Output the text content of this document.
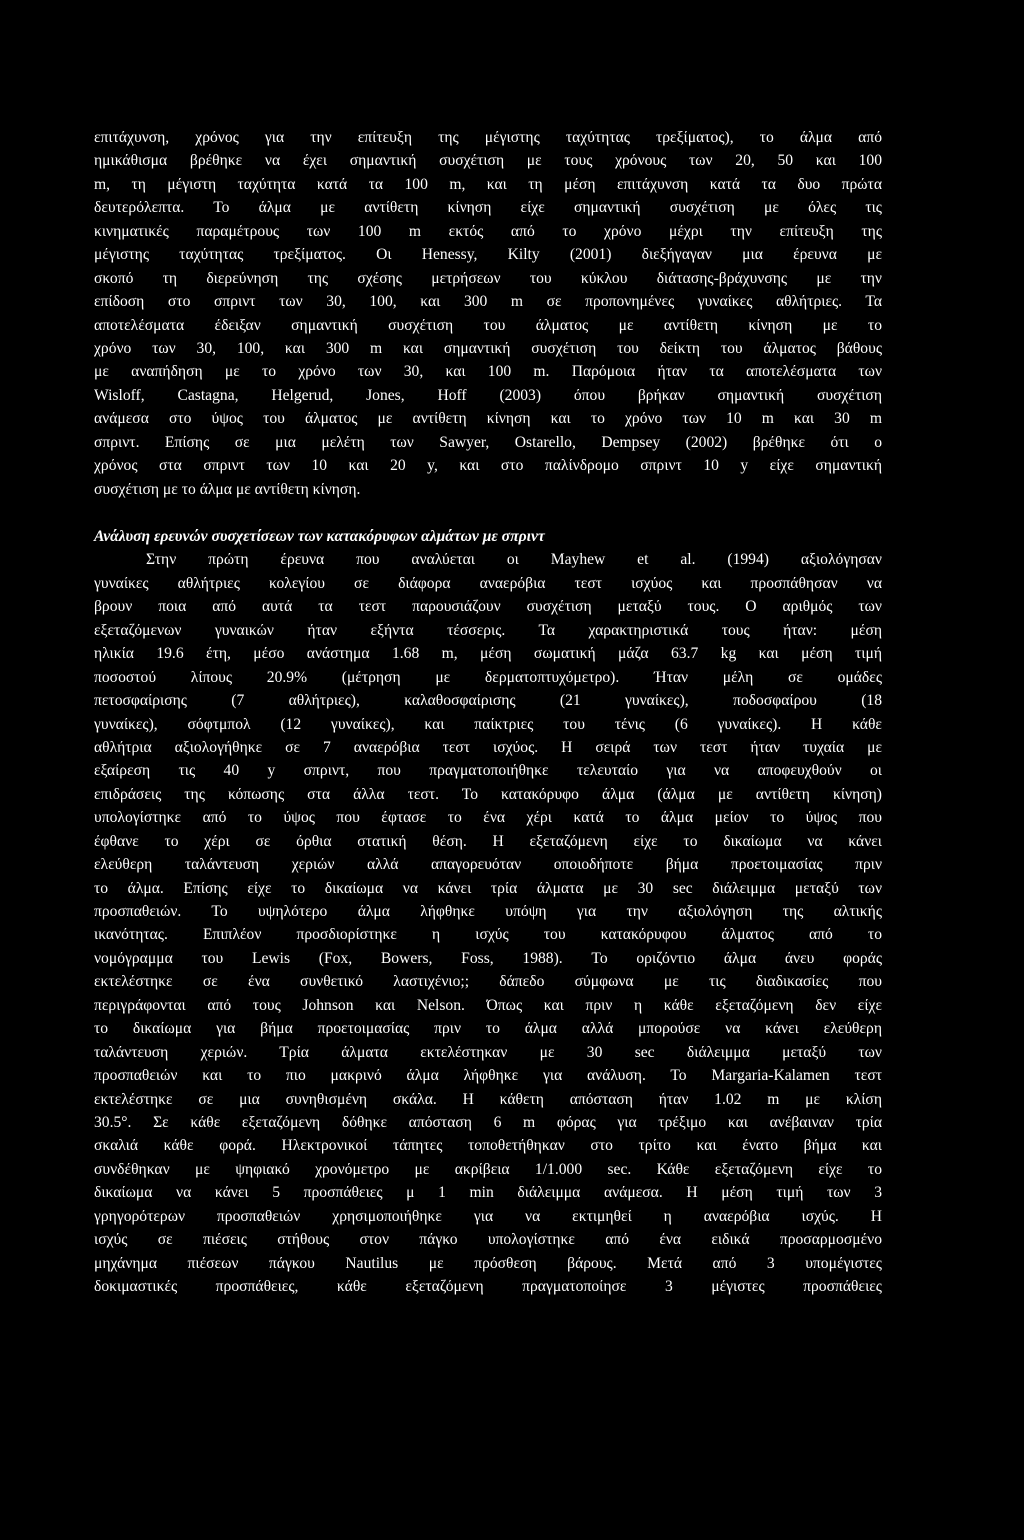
επιτάχυνση, χρόνος για την επίτευξη της μέγιστης ταχύτητας τρεξίματος), το άλμα από
ημικάθισμα βρέθηκε να έχει σημαντική συσχέτιση με τους χρόνους των 20, 50 και 100
m, τη μέγιστη ταχύτητα κατά τα 100 m, και τη μέση επιτάχυνση κατά τα δυο πρώτα
δευτερόλεπτα. Το άλμα με αντίθετη κίνηση είχε σημαντική συσχέτιση με όλες τις
κινηματικές παραμέτρους των 100 m εκτός από το χρόνο μέχρι την επίτευξη της
μέγιστης ταχύτητας τρεξίματος. Οι Henessy, Kilty (2001) διεξήγαγαν μια έρευνα με
σκοπό τη διερεύνηση της σχέσης μετρήσεων του κύκλου διάτασης-βράχυνσης με την
επίδοση στο σπριντ των 30, 100, και 300 m σε προπονημένες γυναίκες αθλήτριες. Τα
αποτελέσματα έδειξαν σημαντική συσχέτιση του άλματος με αντίθετη κίνηση με το
χρόνο των 30, 100, και 300 m και σημαντική συσχέτιση του δείκτη του άλματος βάθους
με αναπήδηση με το χρόνο των 30, και 100 m. Παρόμοια ήταν τα αποτελέσματα των
Wisloff, Castagna, Helgerud, Jones, Hoff (2003) όπου βρήκαν σημαντική συσχέτιση
ανάμεσα στο ύψος του άλματος με αντίθετη κίνηση και το χρόνο των 10 m και 30 m
σπριντ. Επίσης σε μια μελέτη των Sawyer, Ostarello, Dempsey (2002) βρέθηκε ότι ο
χρόνος στα σπριντ των 10 και 20 y, και στο παλίνδρομο σπριντ 10 y είχε σημαντική
συσχέτιση με το άλμα με αντίθετη κίνηση.
Ανάλυση ερευνών συσχετίσεων των κατακόρυφων αλμάτων με σπριντ
Στην πρώτη έρευνα που αναλύεται οι Mayhew et al. (1994) αξιολόγησαν
γυναίκες αθλήτριες κολεγίου σε διάφορα αναερόβια τεστ ισχύος και προσπάθησαν να
βρουν ποια από αυτά τα τεστ παρουσιάζουν συσχέτιση μεταξύ τους. Ο αριθμός των
εξεταζόμενων γυναικών ήταν εξήντα τέσσερις. Τα χαρακτηριστικά τους ήταν: μέση
ηλικία 19.6 έτη, μέσο ανάστημα 1.68 m, μέση σωματική μάζα 63.7 kg και μέση τιμή
ποσοστού λίπους 20.9% (μέτρηση με δερματοπτυχόμετρο). Ήταν μέλη σε ομάδες
πετοσφαίρισης (7 αθλήτριες), καλαθοσφαίρισης (21 γυναίκες), ποδοσφαίρου (18
γυναίκες), σόφτμπολ (12 γυναίκες), και παίκτριες του τένις (6 γυναίκες). Η κάθε
αθλήτρια αξιολογήθηκε σε 7 αναερόβια τεστ ισχύος. Η σειρά των τεστ ήταν τυχαία με
εξαίρεση τις 40 y σπριντ, που πραγματοποιήθηκε τελευταίο για να αποφευχθούν οι
επιδράσεις της κόπωσης στα άλλα τεστ. Το κατακόρυφο άλμα (άλμα με αντίθετη κίνηση)
υπολογίστηκε από το ύψος που έφτασε το ένα χέρι κατά το άλμα μείον το ύψος που
έφθανε το χέρι σε όρθια στατική θέση. Η εξεταζόμενη είχε το δικαίωμα να κάνει
ελεύθερη ταλάντευση χεριών αλλά απαγορευόταν οποιοδήποτε βήμα προετοιμασίας πριν
το άλμα. Επίσης είχε το δικαίωμα να κάνει τρία άλματα με 30 sec διάλειμμα μεταξύ των
προσπαθειών. Το υψηλότερο άλμα λήφθηκε υπόψη για την αξιολόγηση της αλτικής
ικανότητας. Επιπλέον προσδιορίστηκε η ισχύς του κατακόρυφου άλματος από το
νομόγραμμα του Lewis (Fox, Bowers, Foss, 1988). Το οριζόντιο άλμα άνευ φοράς
εκτελέστηκε σε ένα συνθετικό λαστιχένιο;; δάπεδο σύμφωνα με τις διαδικασίες που
περιγράφονται από τους Johnson και Nelson. Όπως και πριν η κάθε εξεταζόμενη δεν είχε
το δικαίωμα για βήμα προετοιμασίας πριν το άλμα αλλά μπορούσε να κάνει ελεύθερη
ταλάντευση χεριών. Τρία άλματα εκτελέστηκαν με 30 sec διάλειμμα μεταξύ των
προσπαθειών και το πιο μακρινό άλμα λήφθηκε για ανάλυση. Το Margaria-Kalamen τεστ
εκτελέστηκε σε μια συνηθισμένη σκάλα. Η κάθετη απόσταση ήταν 1.02 m με κλίση
30.5°. Σε κάθε εξεταζόμενη δόθηκε απόσταση 6 m φόρας για τρέξιμο και ανέβαιναν τρία
σκαλιά κάθε φορά. Ηλεκτρονικοί τάπητες τοποθετήθηκαν στο τρίτο και ένατο βήμα και
συνδέθηκαν με ψηφιακό χρονόμετρο με ακρίβεια 1/1.000 sec. Κάθε εξεταζόμενη είχε το
δικαίωμα να κάνει 5 προσπάθειες μ 1 min διάλειμμα ανάμεσα. Η μέση τιμή των 3
γρηγορότερων προσπαθειών χρησιμοποιήθηκε για να εκτιμηθεί η αναερόβια ισχύς. Η
ισχύς σε πιέσεις στήθους στον πάγκο υπολογίστηκε από ένα ειδικά προσαρμοσμένο
μηχάνημα πιέσεων πάγκου Nautilus με πρόσθεση βάρους. Μετά από 3 υπομέγιστες
δοκιμαστικές προσπάθειες, κάθε εξεταζόμενη πραγματοποίησε 3 μέγιστες προσπάθειες
